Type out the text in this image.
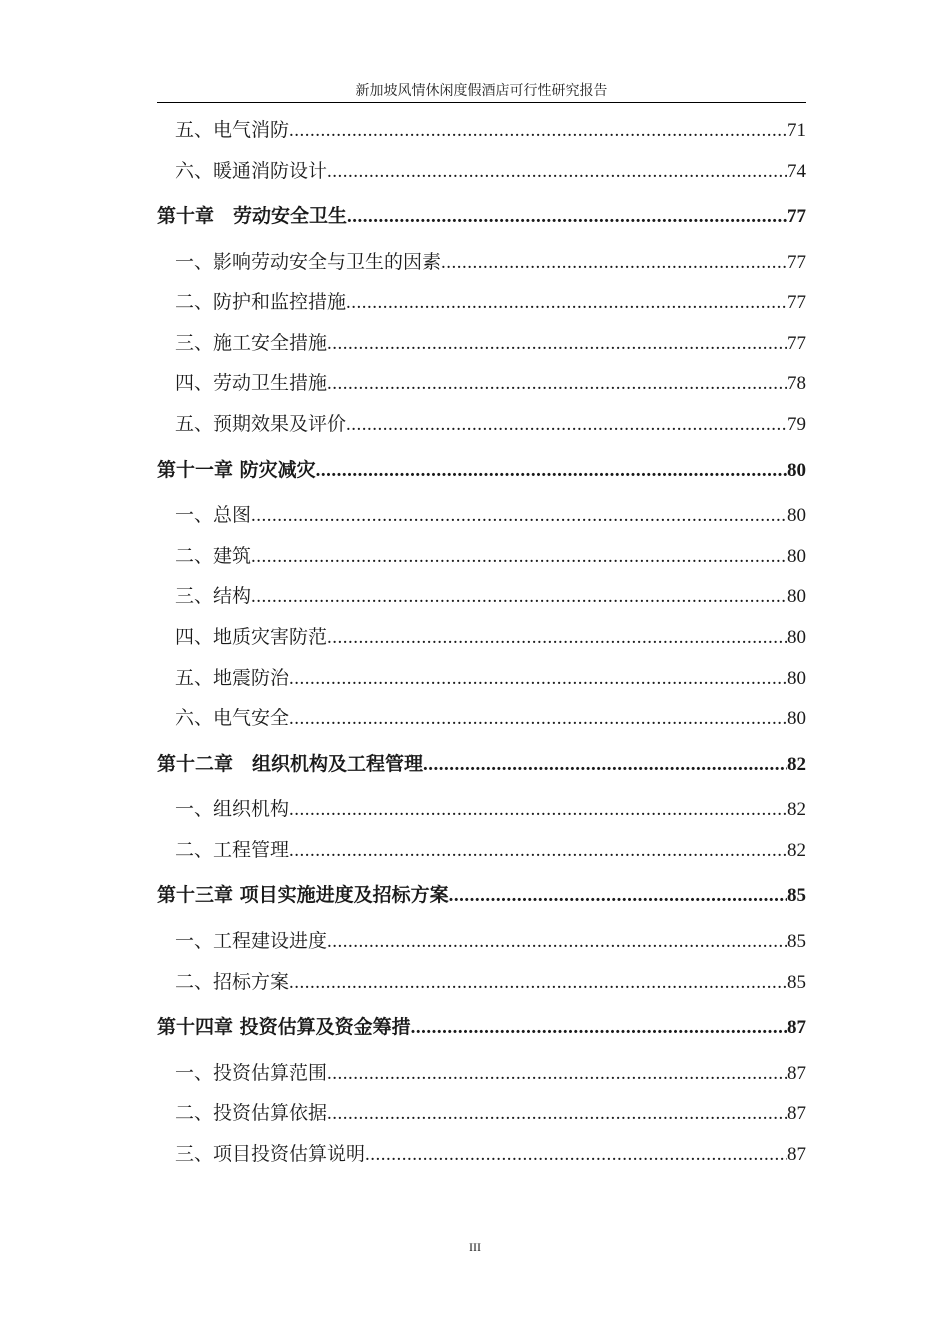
新加坡风情休闲度假酒店可行性研究报告
五、电气消防 .....	71
六、暖通消防设计 .....	74
第十章　劳动安全卫生 .....	77
一、影响劳动安全与卫生的因素 .....	77
二、防护和监控措施 .....	77
三、施工安全措施 .....	77
四、劳动卫生措施 .....	78
五、预期效果及评价 .....	79
第十一章 防灾减灾 .....	80
一、总图 .....	80
二、建筑 .....	80
三、结构 .....	80
四、地质灾害防范 .....	80
五、地震防治 .....	80
六、电气安全 .....	80
第十二章　组织机构及工程管理 .....	82
一、组织机构 .....	82
二、工程管理 .....	82
第十三章 项目实施进度及招标方案 .....	85
一、工程建设进度 .....	85
二、招标方案 .....	85
第十四章 投资估算及资金筹措 .....	87
一、投资估算范围 .....	87
二、投资估算依据 .....	87
三、项目投资估算说明 .....	87
III
